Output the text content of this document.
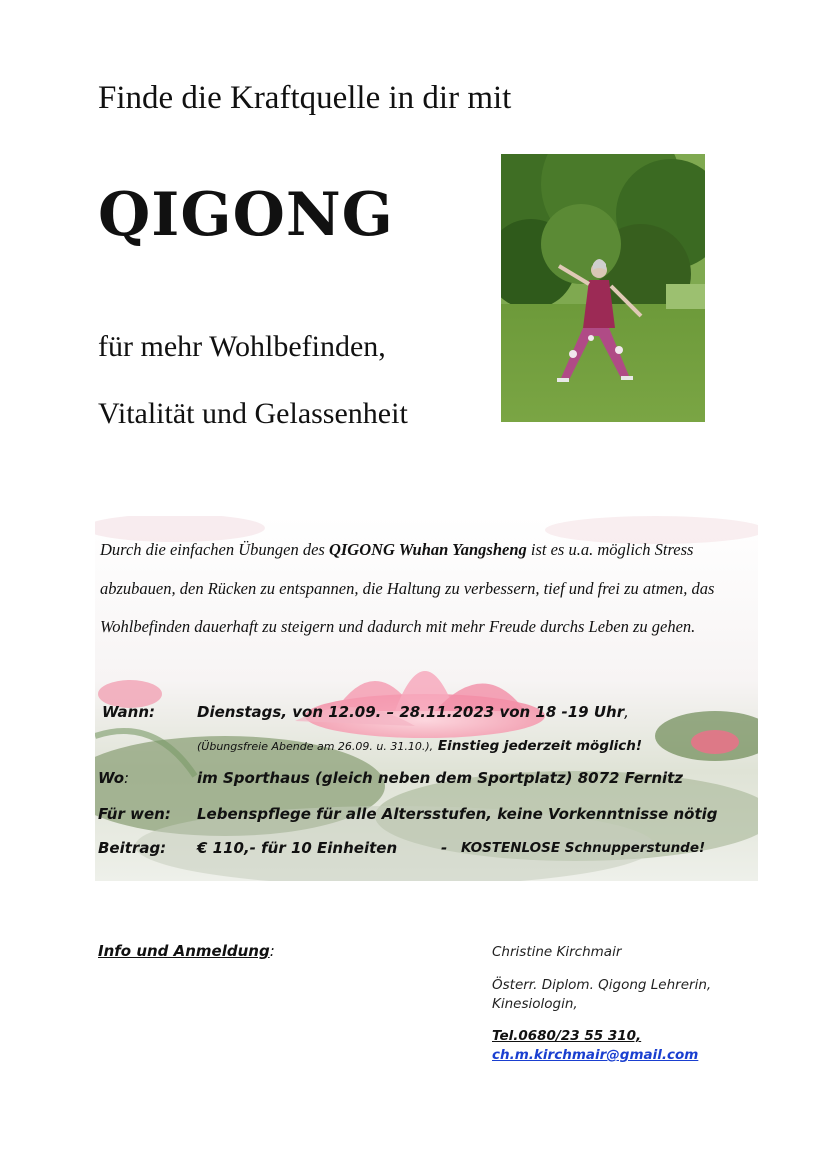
Finde die Kraftquelle in dir mit
QIGONG
für mehr Wohlbefinden,
Vitalität und Gelassenheit
Durch die einfachen Übungen des QIGONG Wuhan Yangsheng ist es u.a. möglich Stress abzubauen, den Rücken zu entspannen, die Haltung zu verbessern, tief und frei zu atmen, das Wohlbefinden dauerhaft zu steigern und dadurch mit mehr Freude durchs Leben zu gehen.
Wann:	Dienstags, von 12.09. – 28.11.2023 von 18 -19 Uhr,
(Übungsfreie Abende am 26.09. u. 31.10.), Einstieg jederzeit möglich!
Wo:	im Sporthaus (gleich neben dem Sportplatz) 8072 Fernitz
Für wen: Lebenspflege für alle Altersstufen, keine Vorkenntnisse nötig
Beitrag: € 110,- für 10 Einheiten	- KOSTENLOSE Schnupperstunde!
Info und Anmeldung:	Christine Kirchmair
Österr. Diplom. Qigong Lehrerin,
Kinesiologin,
Tel.0680/23 55 310,
ch.m.kirchmair@gmail.com
